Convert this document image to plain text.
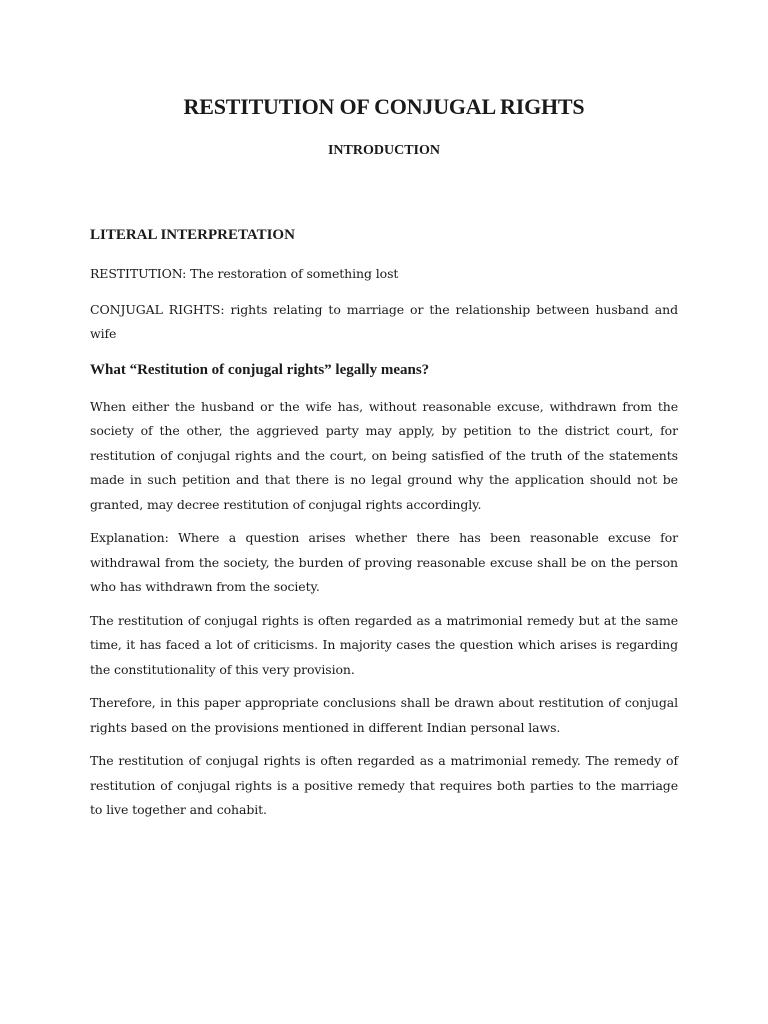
RESTITUTION OF CONJUGAL RIGHTS
INTRODUCTION
LITERAL INTERPRETATION

RESTITUTION: The restoration of something lost

CONJUGAL RIGHTS: rights relating to marriage or the relationship between husband and wife

What “Restitution of conjugal rights” legally means?

When either the husband or the wife has, without reasonable excuse, withdrawn from the society of the other, the aggrieved party may apply, by petition to the district court, for restitution of conjugal rights and the court, on being satisfied of the truth of the statements made in such petition and that there is no legal ground why the application should not be granted, may decree restitution of conjugal rights accordingly.

Explanation: Where a question arises whether there has been reasonable excuse for withdrawal from the society, the burden of proving reasonable excuse shall be on the person who has withdrawn from the society.

The restitution of conjugal rights is often regarded as a matrimonial remedy but at the same time, it has faced a lot of criticisms. In majority cases the question which arises is regarding the constitutionality of this very provision.

Therefore, in this paper appropriate conclusions shall be drawn about restitution of conjugal rights based on the provisions mentioned in different Indian personal laws.

The restitution of conjugal rights is often regarded as a matrimonial remedy. The remedy of restitution of conjugal rights is a positive remedy that requires both parties to the marriage to live together and cohabit.
